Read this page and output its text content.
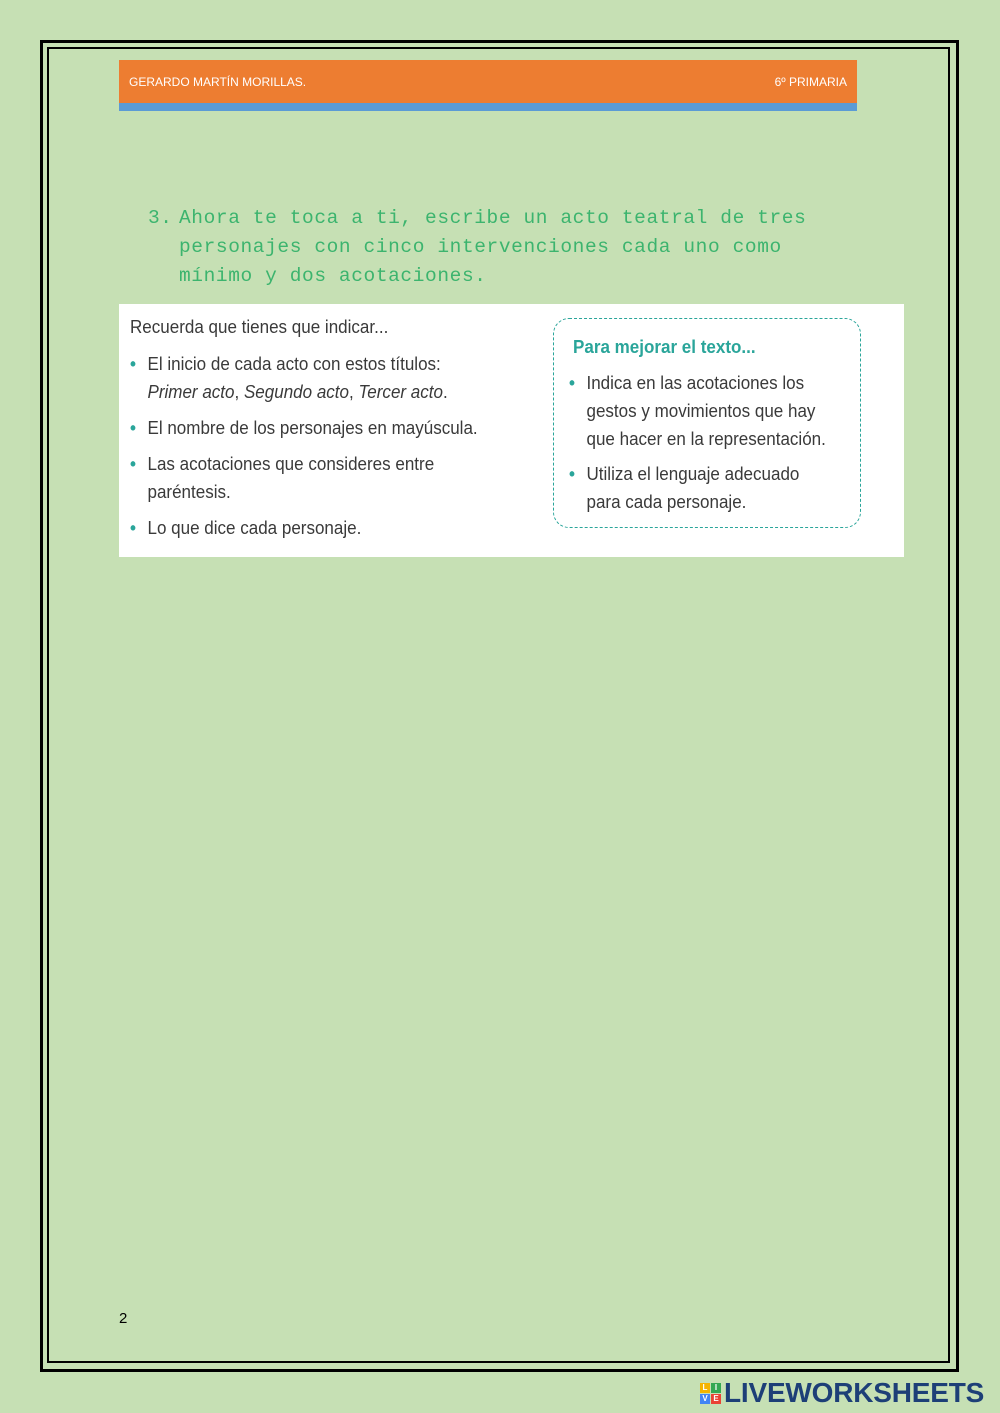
GERARDO MARTÍN MORILLAS.	6º PRIMARIA
3. Ahora te toca a ti, escribe un acto teatral de tres personajes con cinco intervenciones cada uno como mínimo y dos acotaciones.
Recuerda que tienes que indicar...
• El inicio de cada acto con estos títulos:
Primer acto, Segundo acto, Tercer acto.
• El nombre de los personajes en mayúscula.
• Las acotaciones que consideres entre paréntesis.
• Lo que dice cada personaje.
Para mejorar el texto...
• Indica en las acotaciones los gestos y movimientos que hay que hacer en la representación.
• Utiliza el lenguaje adecuado para cada personaje.
2
L I
V E LIVEWORKSHEETS
